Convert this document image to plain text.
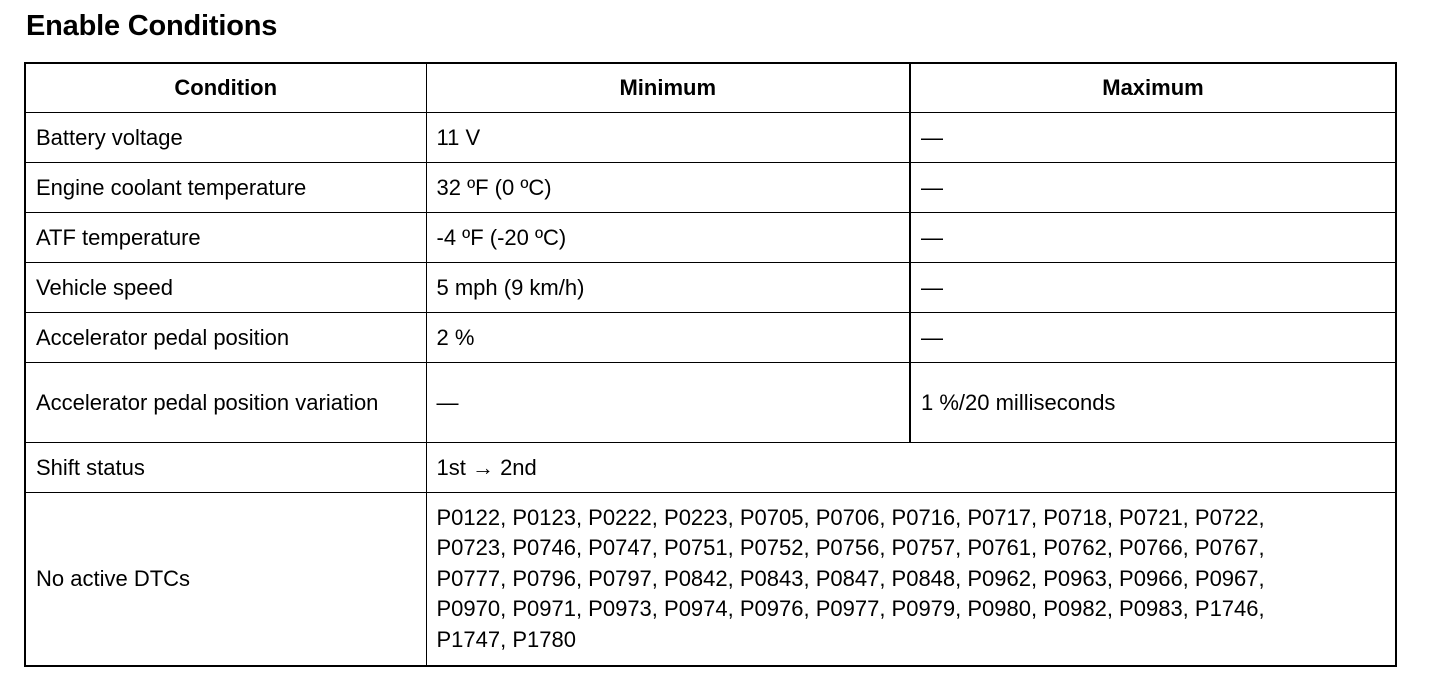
Enable Conditions
Condition	Minimum	Maximum
Battery voltage	11 V	—
Engine coolant temperature	32 ºF (0 ºC)	—
ATF temperature	-4 ºF (-20 ºC)	—
Vehicle speed	5 mph (9 km/h)	—
Accelerator pedal position	2 %	—
Accelerator pedal position variation	—	1 %/20 milliseconds
Shift status	1st → 2nd	
No active DTCs	P0122, P0123, P0222, P0223, P0705, P0706, P0716, P0717, P0718, P0721, P0722,
P0723, P0746, P0747, P0751, P0752, P0756, P0757, P0761, P0762, P0766, P0767,
P0777, P0796, P0797, P0842, P0843, P0847, P0848, P0962, P0963, P0966, P0967,
P0970, P0971, P0973, P0974, P0976, P0977, P0979, P0980, P0982, P0983, P1746,
P1747, P1780	
